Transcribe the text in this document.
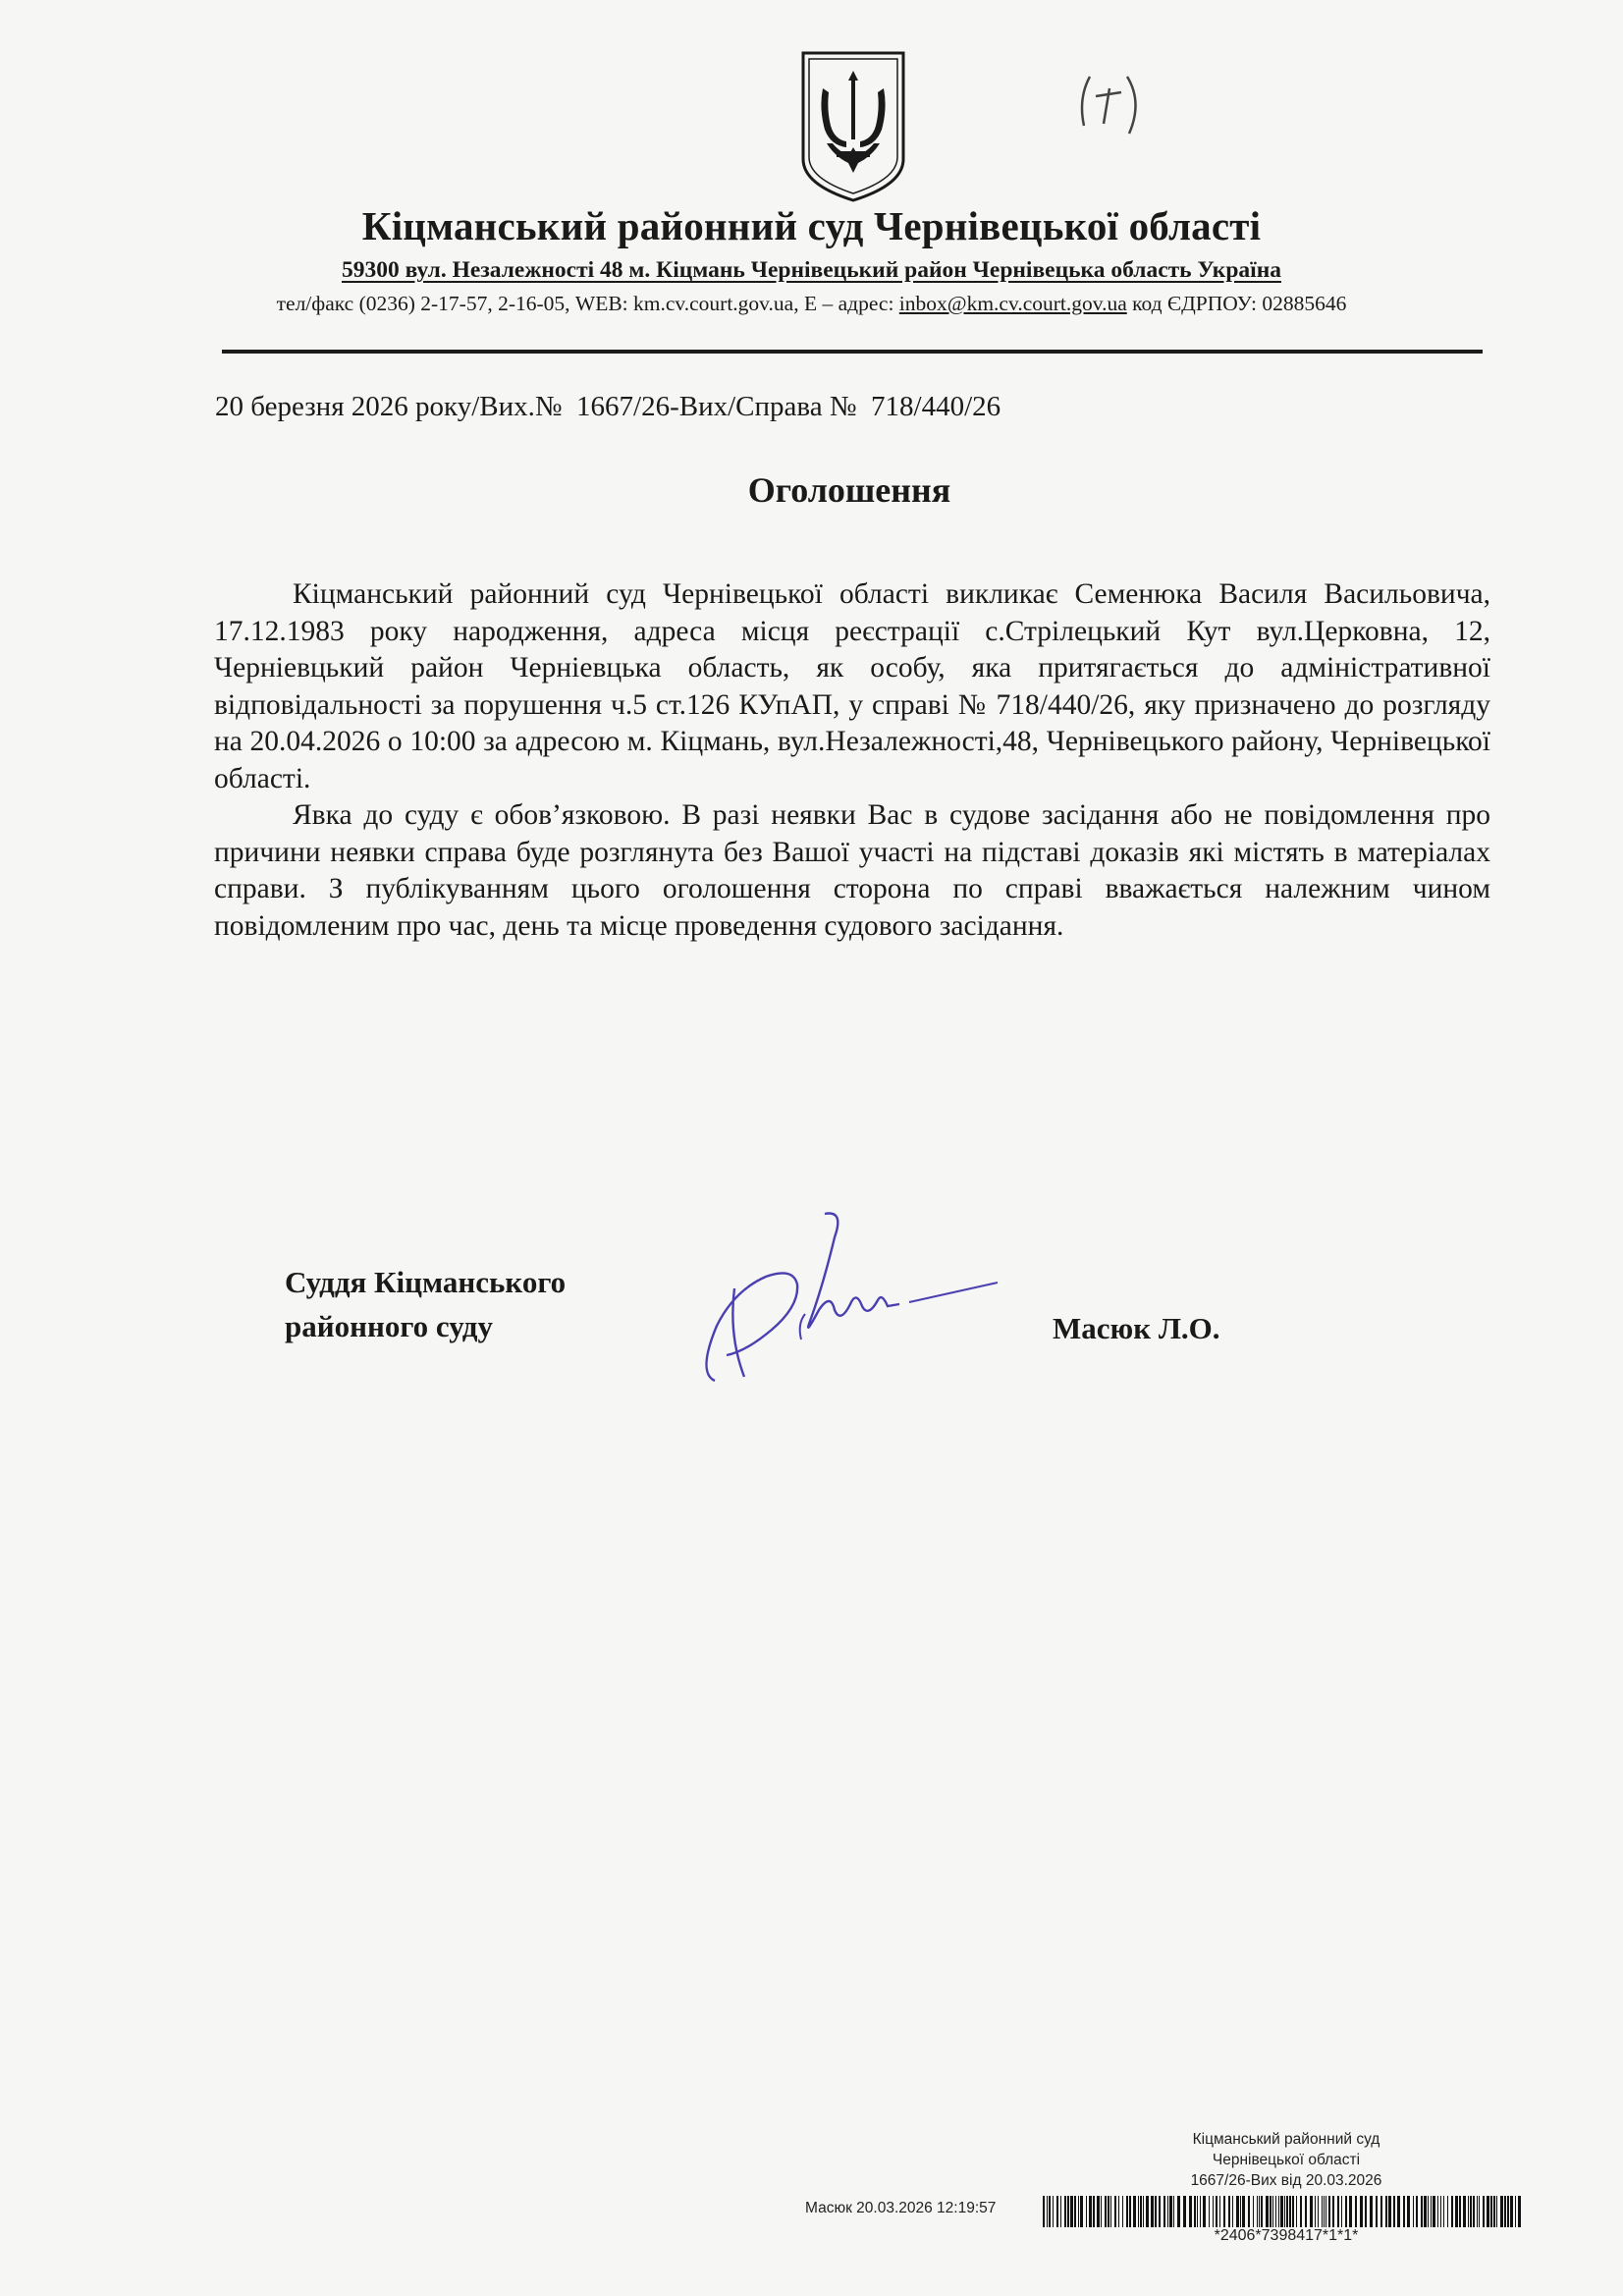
Кіцманський районний суд Чернівецької області
59300 вул. Незалежності 48 м. Кіцмань Чернівецький район Чернівецька область Україна
тел/факс (0236) 2-17-57, 2-16-05, WEB: km.cv.court.gov.ua, E – адрес: inbox@km.cv.court.gov.ua код ЄДРПОУ: 02885646
20 березня 2026 року/Вих.№  1667/26-Вих/Справа №  718/440/26
Оголошення

Кіцманський районний суд Чернівецької області викликає Семенюка Василя Васильовича, 17.12.1983 року народження, адреса місця реєстрації с.Стрілецький Кут вул.Церковна, 12, Черніевцький район Черніевцька область, як особу, яка притягається до адміністративної відповідальності за порушення ч.5 ст.126 КУпАП, у справі № 718/440/26, яку призначено до розгляду на 20.04.2026 о 10:00 за адресою м. Кіцмань, вул.Незалежності,48, Чернівецького району, Чернівецької області.

Явка до суду є обов’язковою. В разі неявки Вас в судове засідання або не повідомлення про причини неявки справа буде розглянута без Вашої участі на підставі доказів які містять в матеріалах справи. З публікуванням цього оголошення сторона по справі вважається належним чином повідомленим про час, день та місце проведення судового засідання.

Суддя Кіцманського
районного суду	Масюк Л.О.
Кіцманський районний суд
Чернівецької області
1667/26-Вих від 20.03.2026
Масюк 20.03.2026 12:19:57
*2406*7398417*1*1*
